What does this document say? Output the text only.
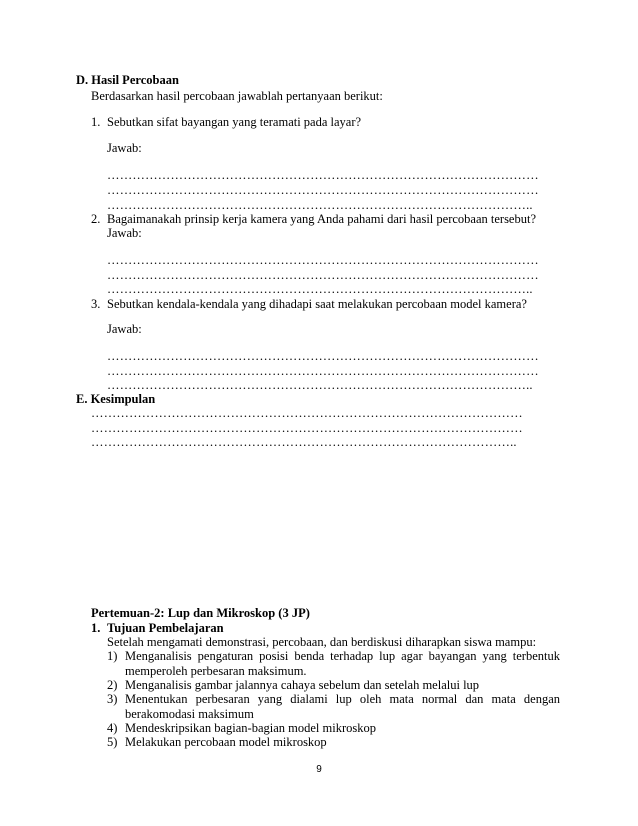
D. Hasil Percobaan
Berdasarkan hasil percobaan jawablah pertanyaan berikut:
1. Sebutkan sifat bayangan yang teramati pada layar?
Jawab:
…………………………………………………………………………………………
…………………………………………………………………………………………
………………………………………………………………………………………..
2. Bagaimanakah prinsip kerja kamera yang Anda pahami dari hasil percobaan tersebut?
Jawab:
…………………………………………………………………………………………
…………………………………………………………………………………………
………………………………………………………………………………………..
3. Sebutkan kendala-kendala yang dihadapi saat melakukan percobaan model kamera?
Jawab:
…………………………………………………………………………………………
…………………………………………………………………………………………
………………………………………………………………………………………..
E. Kesimpulan
…………………………………………………………………………………………
…………………………………………………………………………………………
………………………………………………………………………………………..
Pertemuan-2: Lup dan Mikroskop (3 JP)
1. Tujuan Pembelajaran
Setelah mengamati demonstrasi, percobaan, dan berdiskusi diharapkan siswa mampu:
1) Menganalisis pengaturan posisi benda terhadap lup agar bayangan yang terbentuk
memperoleh perbesaran maksimum.
2) Menganalisis gambar jalannya cahaya sebelum dan setelah melalui lup
3) Menentukan perbesaran yang dialami lup oleh mata normal dan mata dengan
berakomodasi maksimum
4) Mendeskripsikan bagian-bagian model mikroskop
5) Melakukan percobaan model mikroskop
9
